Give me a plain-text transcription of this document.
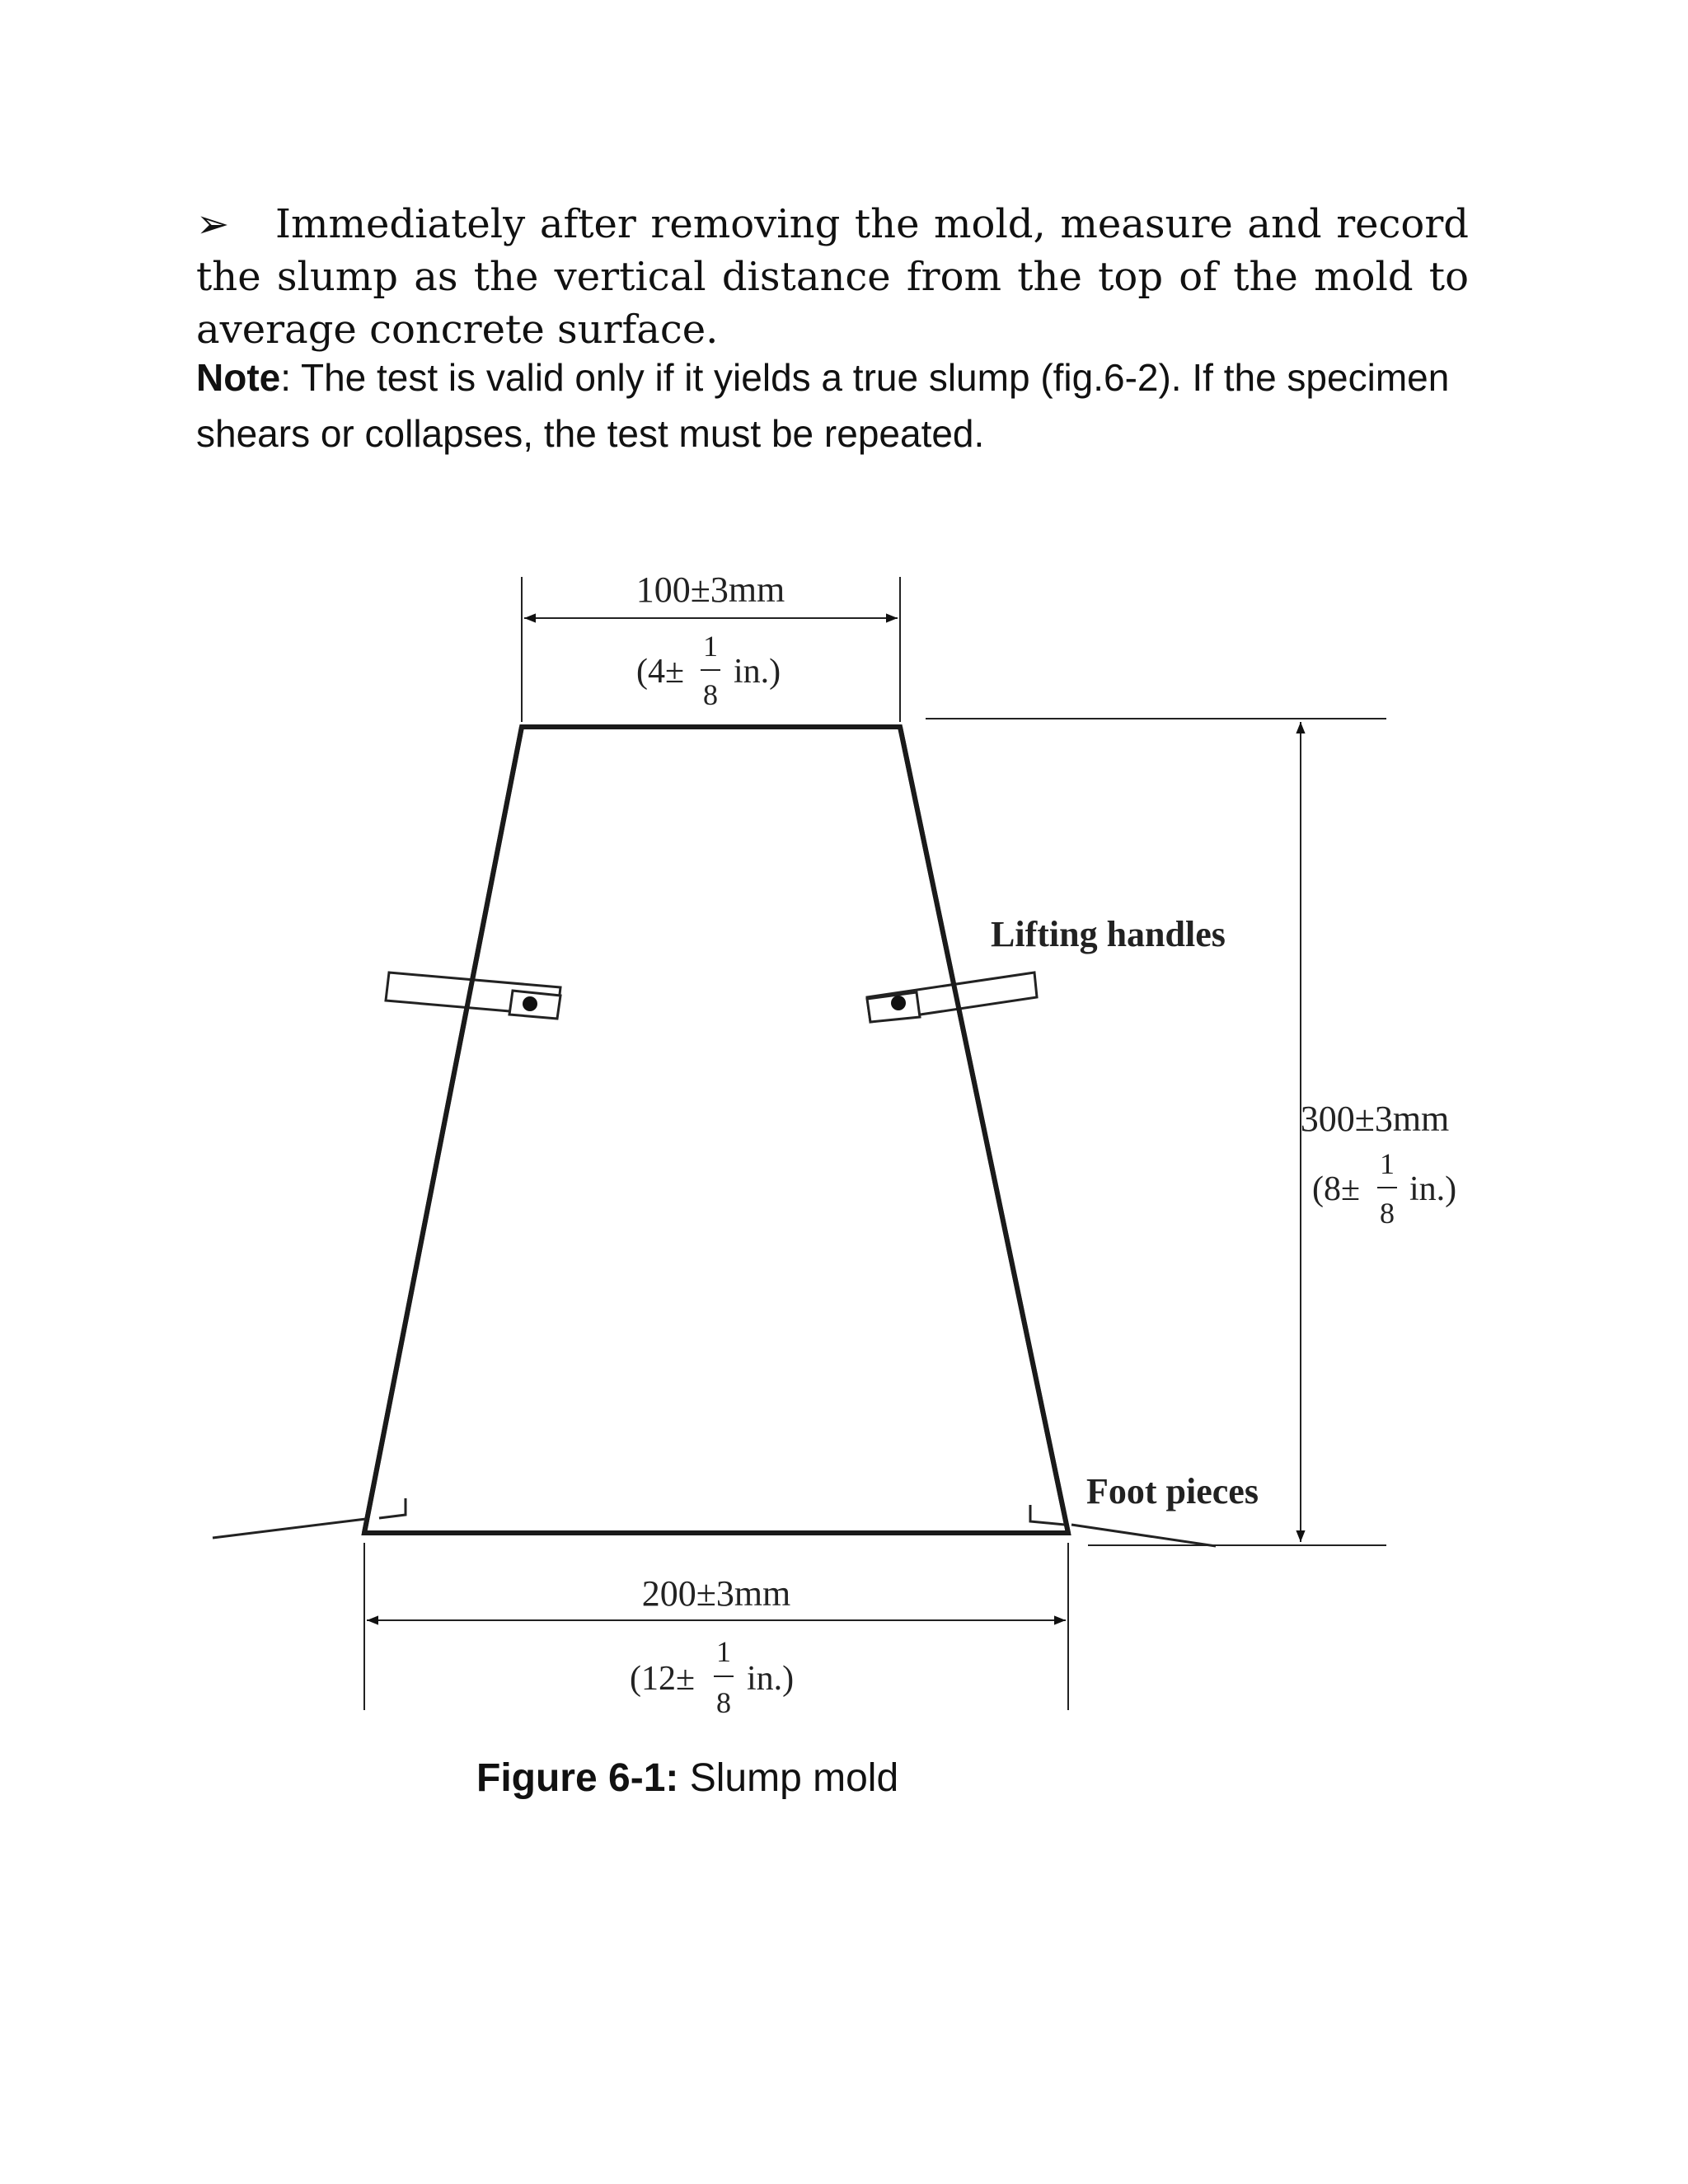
➢ Immediately after removing the mold, measure and record the slump as the vertical distance from the top of the mold to average concrete surface.
Note: The test is valid only if it yields a true slump (fig.6-2). If the specimen shears or collapses, the test must be repeated.
100±3mm
(4±
1
8
in.)
200±3mm
(12±
1
8
in.)
300±3mm
(8±
1
8
in.)
Lifting handles
Foot pieces
Figure 6-1: Slump mold
